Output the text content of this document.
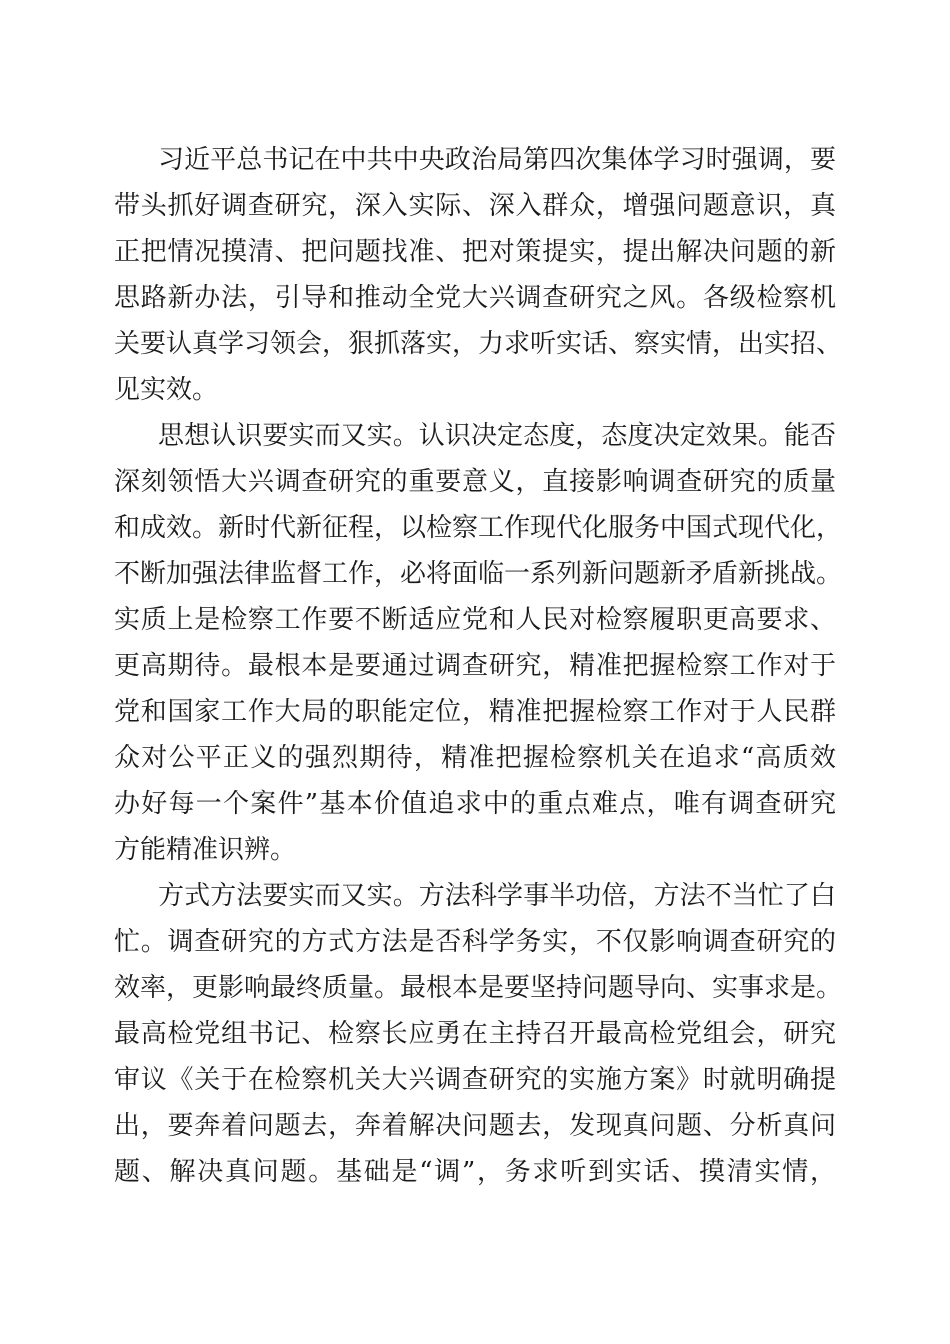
习近平总书记在中共中央政治局第四次集体学习时强调，要
带头抓好调查研究，深入实际、深入群众，增强问题意识，真
正把情况摸清、把问题找准、把对策提实，提出解决问题的新
思路新办法，引导和推动全党大兴调查研究之风。各级检察机
关要认真学习领会，狠抓落实，力求听实话、察实情，出实招、
见实效。
思想认识要实而又实。认识决定态度，态度决定效果。能否
深刻领悟大兴调查研究的重要意义，直接影响调查研究的质量
和成效。新时代新征程，以检察工作现代化服务中国式现代化，
不断加强法律监督工作，必将面临一系列新问题新矛盾新挑战。
实质上是检察工作要不断适应党和人民对检察履职更高要求、
更高期待。最根本是要通过调查研究，精准把握检察工作对于
党和国家工作大局的职能定位，精准把握检察工作对于人民群
众对公平正义的强烈期待，精准把握检察机关在追求“高质效
办好每一个案件”基本价值追求中的重点难点，唯有调查研究
方能精准识辨。
方式方法要实而又实。方法科学事半功倍，方法不当忙了白
忙。调查研究的方式方法是否科学务实，不仅影响调查研究的
效率，更影响最终质量。最根本是要坚持问题导向、实事求是。
最高检党组书记、检察长应勇在主持召开最高检党组会，研究
审议《关于在检察机关大兴调查研究的实施方案》时就明确提
出，要奔着问题去，奔着解决问题去，发现真问题、分析真问
题、解决真问题。基础是“调”，务求听到实话、摸清实情，
